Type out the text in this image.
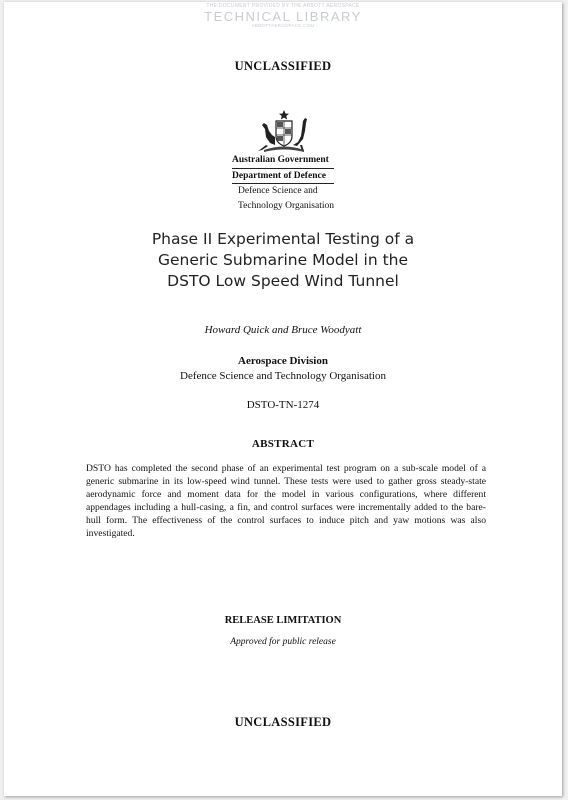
THE DOCUMENT PROVIDED BY THE ABBOTT AEROSPACE
TECHNICAL LIBRARY
ABBOTTAEROSPACE.COM
UNCLASSIFIED
Australian Government
Department of Defence
Defence Science and
Technology Organisation
Phase II Experimental Testing of a
Generic Submarine Model in the
DSTO Low Speed Wind Tunnel
Howard Quick and Bruce Woodyatt
Aerospace Division
Defence Science and Technology Organisation
DSTO-TN-1274
ABSTRACT
DSTO has completed the second phase of an experimental test program on a sub-scale model of a generic submarine in its low-speed wind tunnel. These tests were used to gather gross steady-state aerodynamic force and moment data for the model in various configurations, where different appendages including a hull-casing, a fin, and control surfaces were incrementally added to the bare-hull form. The effectiveness of the control surfaces to induce pitch and yaw motions was also investigated.
RELEASE LIMITATION
Approved for public release
UNCLASSIFIED
